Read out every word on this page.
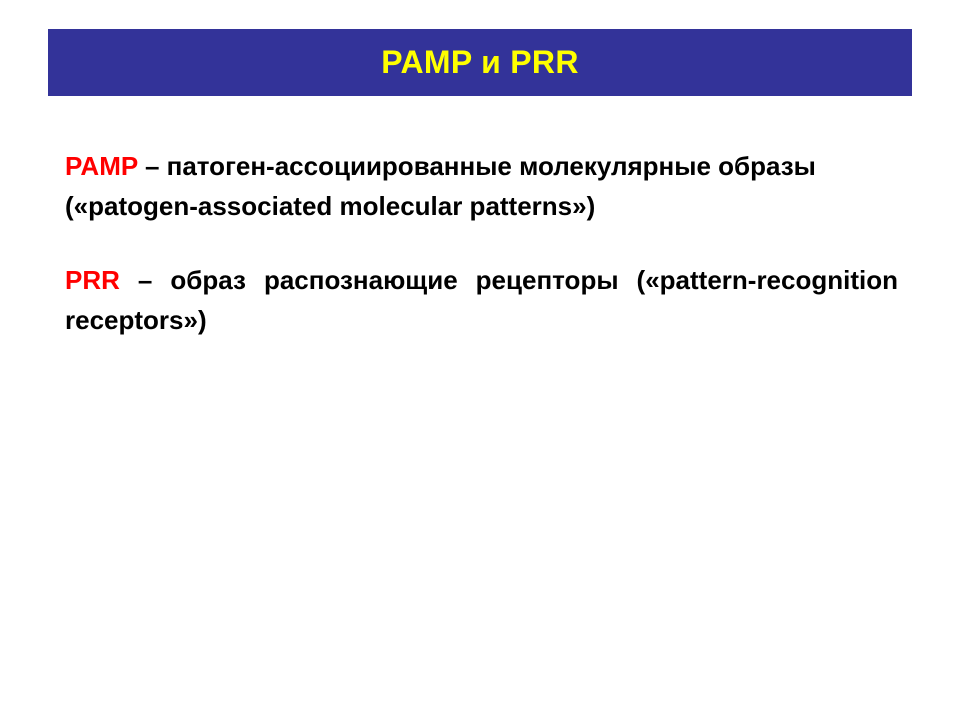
PAMP и PRR

PAMP – патоген-ассоциированные молекулярные образы («patogen-associated molecular patterns»)

PRR – образ распознающие рецепторы («pattern-recognition receptors»)
